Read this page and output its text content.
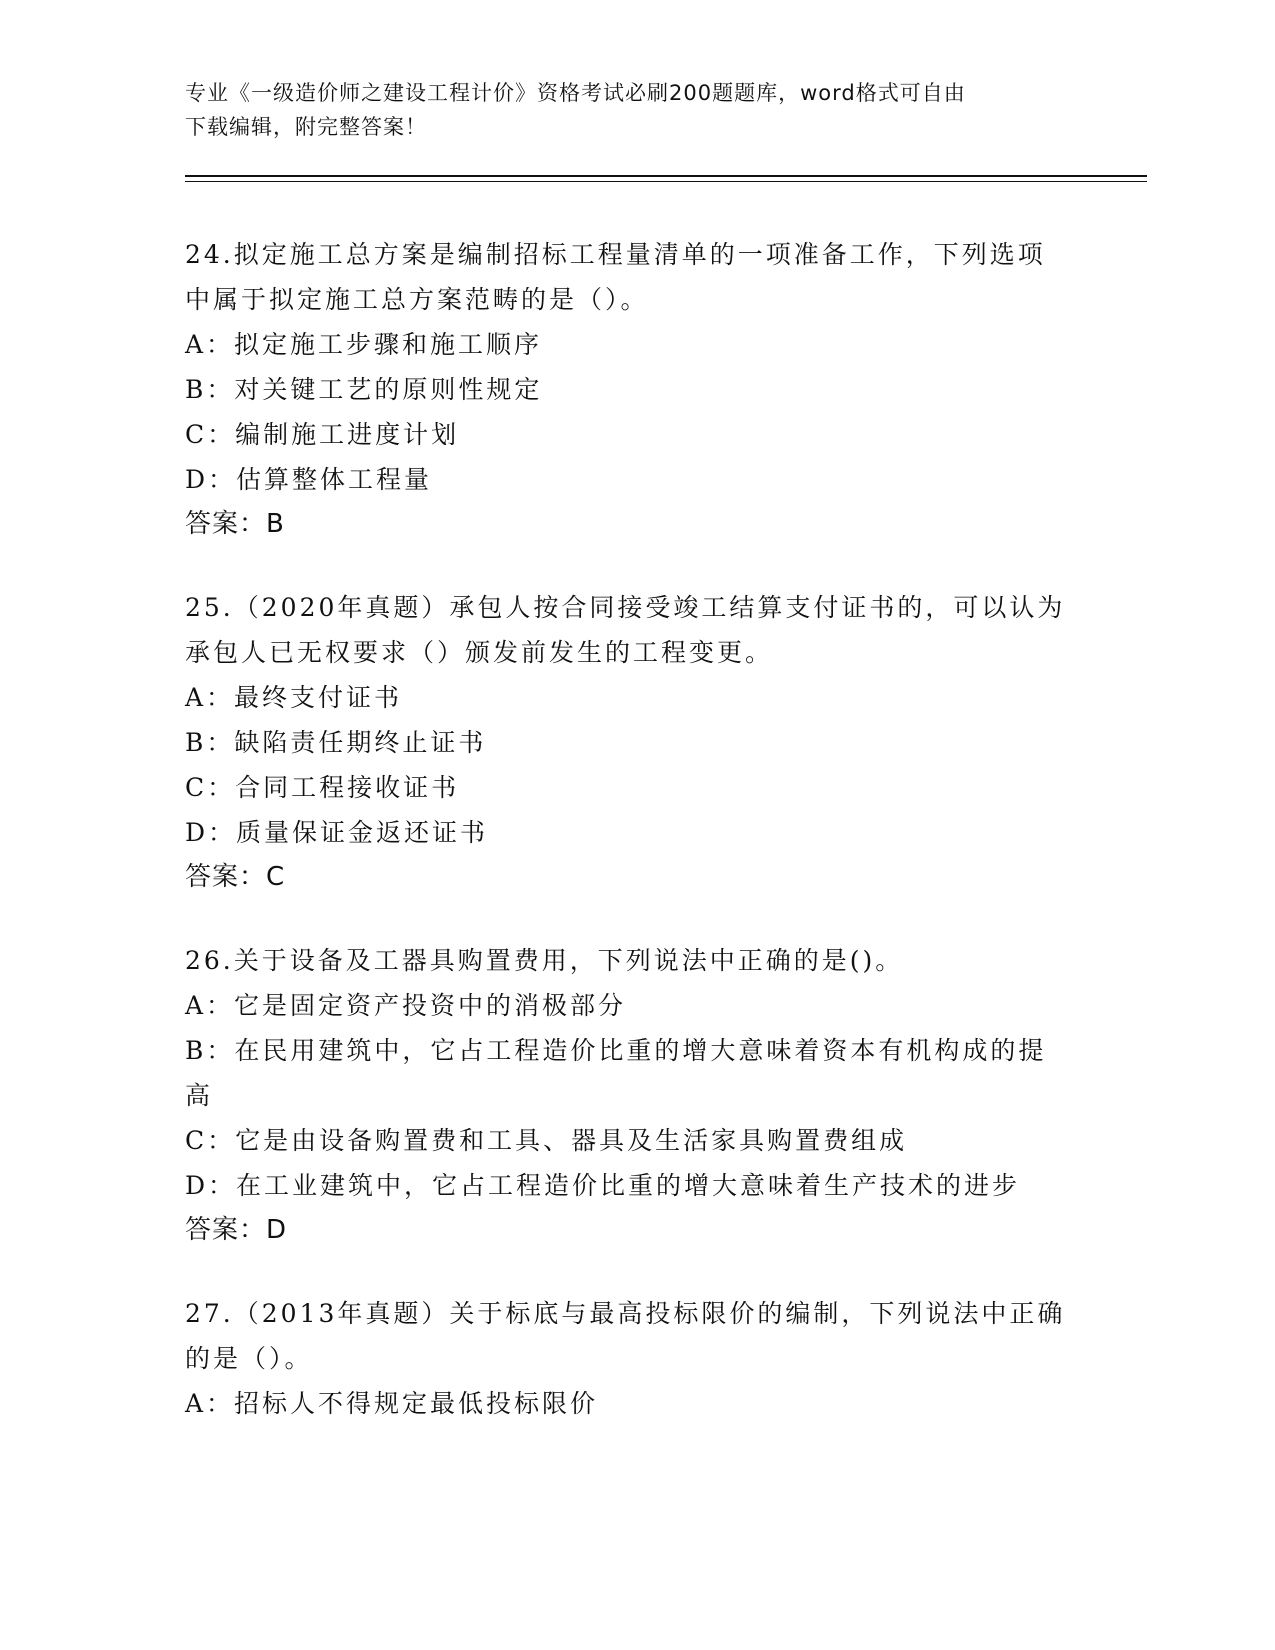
专业《一级造价师之建设工程计价》资格考试必刷200题题库，word格式可自由
下载编辑，附完整答案！

24.拟定施工总方案是编制招标工程量清单的一项准备工作，下列选项

中属于拟定施工总方案范畴的是（）。

A：拟定施工步骤和施工顺序

B：对关键工艺的原则性规定

C：编制施工进度计划

D：估算整体工程量

答案：B

25.（2020年真题）承包人按合同接受竣工结算支付证书的，可以认为

承包人已无权要求（）颁发前发生的工程变更。

A：最终支付证书

B：缺陷责任期终止证书

C：合同工程接收证书

D：质量保证金返还证书

答案：C

26.关于设备及工器具购置费用，下列说法中正确的是()。

A：它是固定资产投资中的消极部分

B：在民用建筑中，它占工程造价比重的增大意味着资本有机构成的提

高

C：它是由设备购置费和工具、器具及生活家具购置费组成

D：在工业建筑中，它占工程造价比重的增大意味着生产技术的进步

答案：D

27.（2013年真题）关于标底与最高投标限价的编制，下列说法中正确

的是（）。

A：招标人不得规定最低投标限价
